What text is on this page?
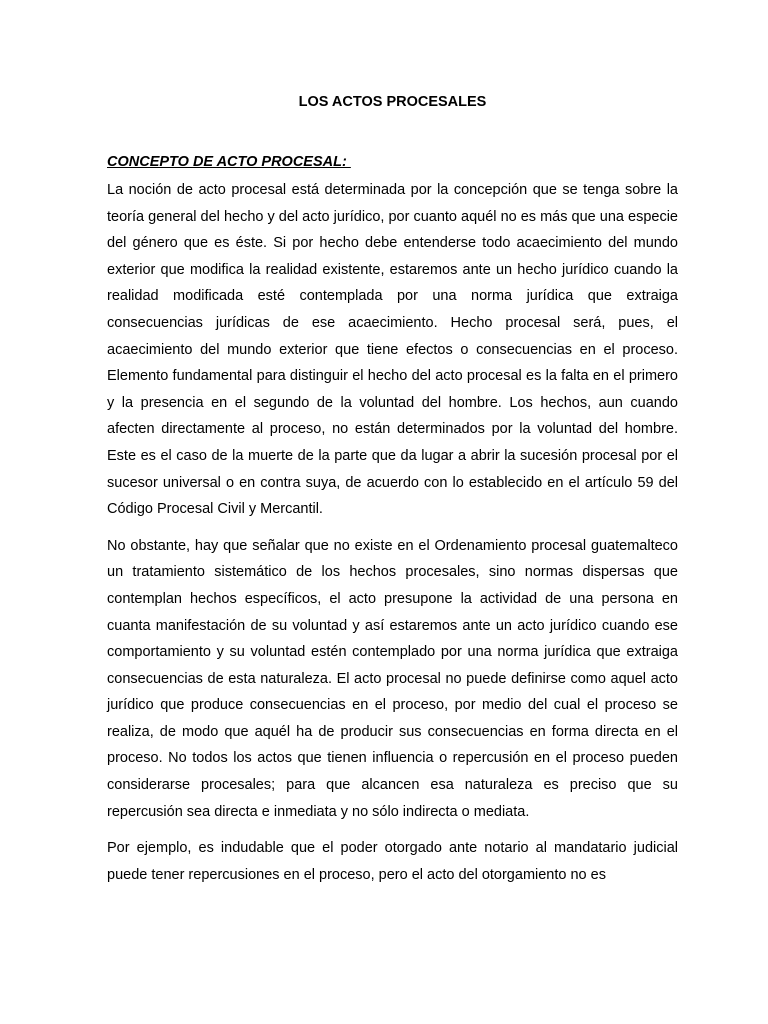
LOS ACTOS PROCESALES
CONCEPTO DE ACTO PROCESAL:

La noción de acto procesal está determinada por la concepción que se tenga sobre la teoría general del hecho y del acto jurídico, por cuanto aquél no es más que una especie del género que es éste. Si por hecho debe entenderse todo acaecimiento del mundo exterior que modifica la realidad existente, estaremos ante un hecho jurídico cuando la realidad modificada esté contemplada por una norma jurídica que extraiga consecuencias jurídicas de ese acaecimiento. Hecho procesal será, pues, el acaecimiento del mundo exterior que tiene efectos o consecuencias en el proceso. Elemento fundamental para distinguir el hecho del acto procesal es la falta en el primero y la presencia en el segundo de la voluntad del hombre. Los hechos, aun cuando afecten directamente al proceso, no están determinados por la voluntad del hombre. Este es el caso de la muerte de la parte que da lugar a abrir la sucesión procesal por el sucesor universal o en contra suya, de acuerdo con lo establecido en el artículo 59 del Código Procesal Civil y Mercantil.

No obstante, hay que señalar que no existe en el Ordenamiento procesal guatemalteco un tratamiento sistemático de los hechos procesales, sino normas dispersas que contemplan hechos específicos, el acto presupone la actividad de una persona en cuanta manifestación de su voluntad y así estaremos ante un acto jurídico cuando ese comportamiento y su voluntad estén contemplado por una norma jurídica que extraiga consecuencias de esta naturaleza. El acto procesal no puede definirse como aquel acto jurídico que produce consecuencias en el proceso, por medio del cual el proceso se realiza, de modo que aquél ha de producir sus consecuencias en forma directa en el proceso. No todos los actos que tienen influencia o repercusión en el proceso pueden considerarse procesales; para que alcancen esa naturaleza es preciso que su repercusión sea directa e inmediata y no sólo indirecta o mediata.

Por ejemplo, es indudable que el poder otorgado ante notario al mandatario judicial puede tener repercusiones en el proceso, pero el acto del otorgamiento no es
